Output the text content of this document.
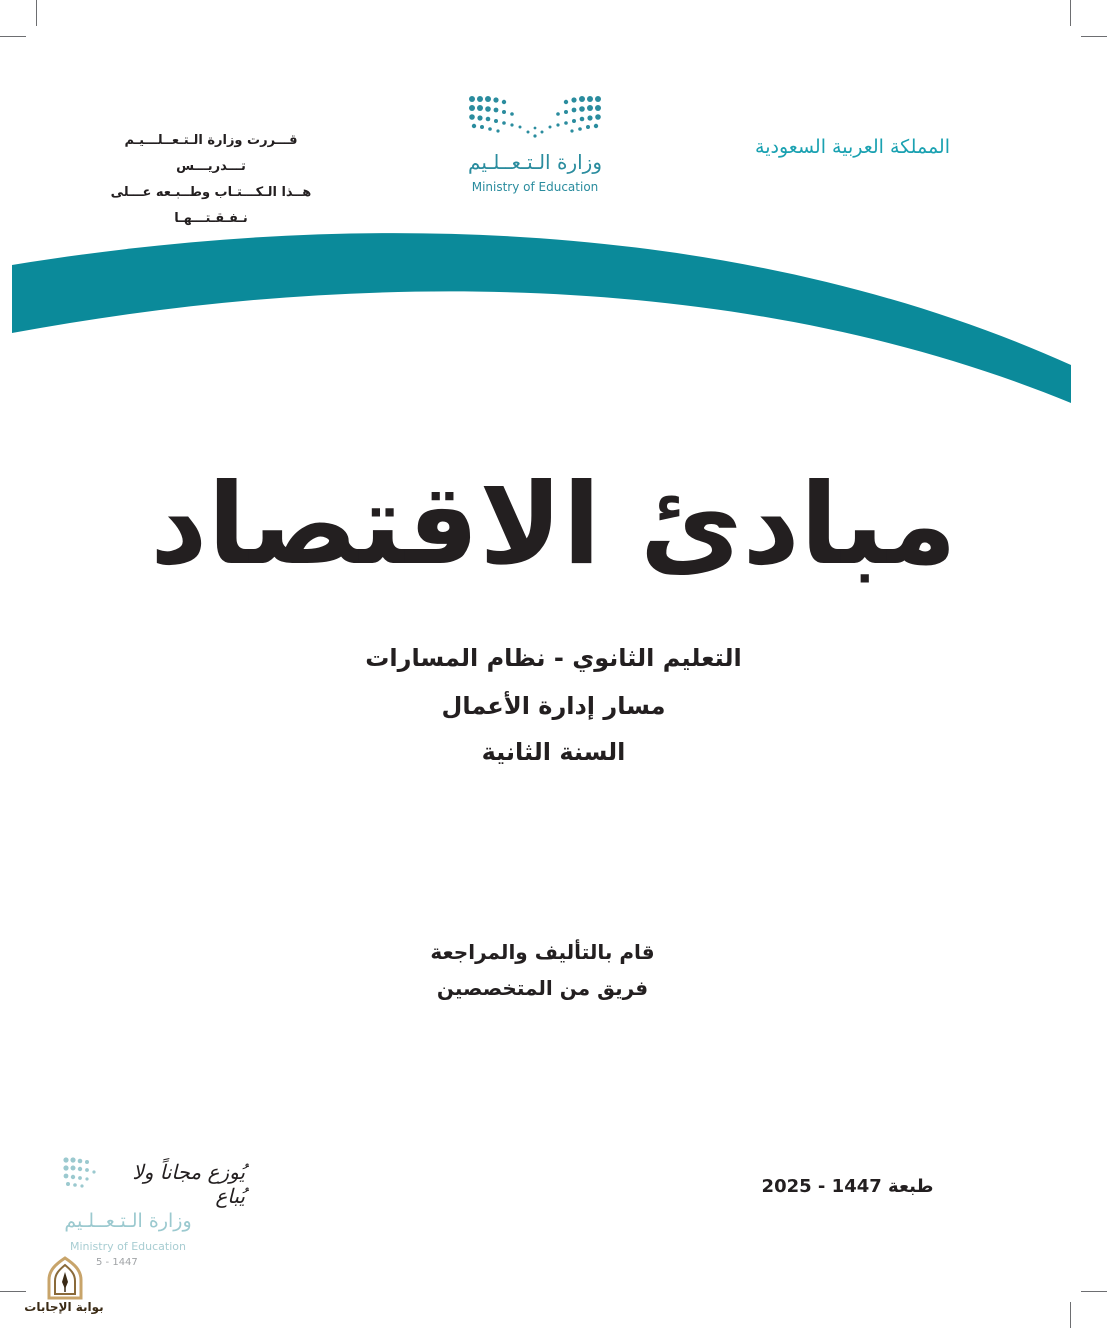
المملكة العربية السعودية
قـــررت وزارة الـتـعــلـــيـم تـــدريـــس
هــذا الـكـــتـاب وطــبـعه عـــلى نـفـقـتـــهـا
وزارة الـتـعــلـيم
Ministry of Education
مبادئ الاقتصاد
التعليم الثانوي - نظام المسارات
مسار إدارة الأعمال
السنة الثانية
قام بالتأليف والمراجعة
فريق من المتخصصين
طبعة 1447 - 2025
يُوزع مجاناً ولا يُباع
وزارة الـتـعــلـيم
Ministry of Education
5 - 1447
بوابة الإجابات
